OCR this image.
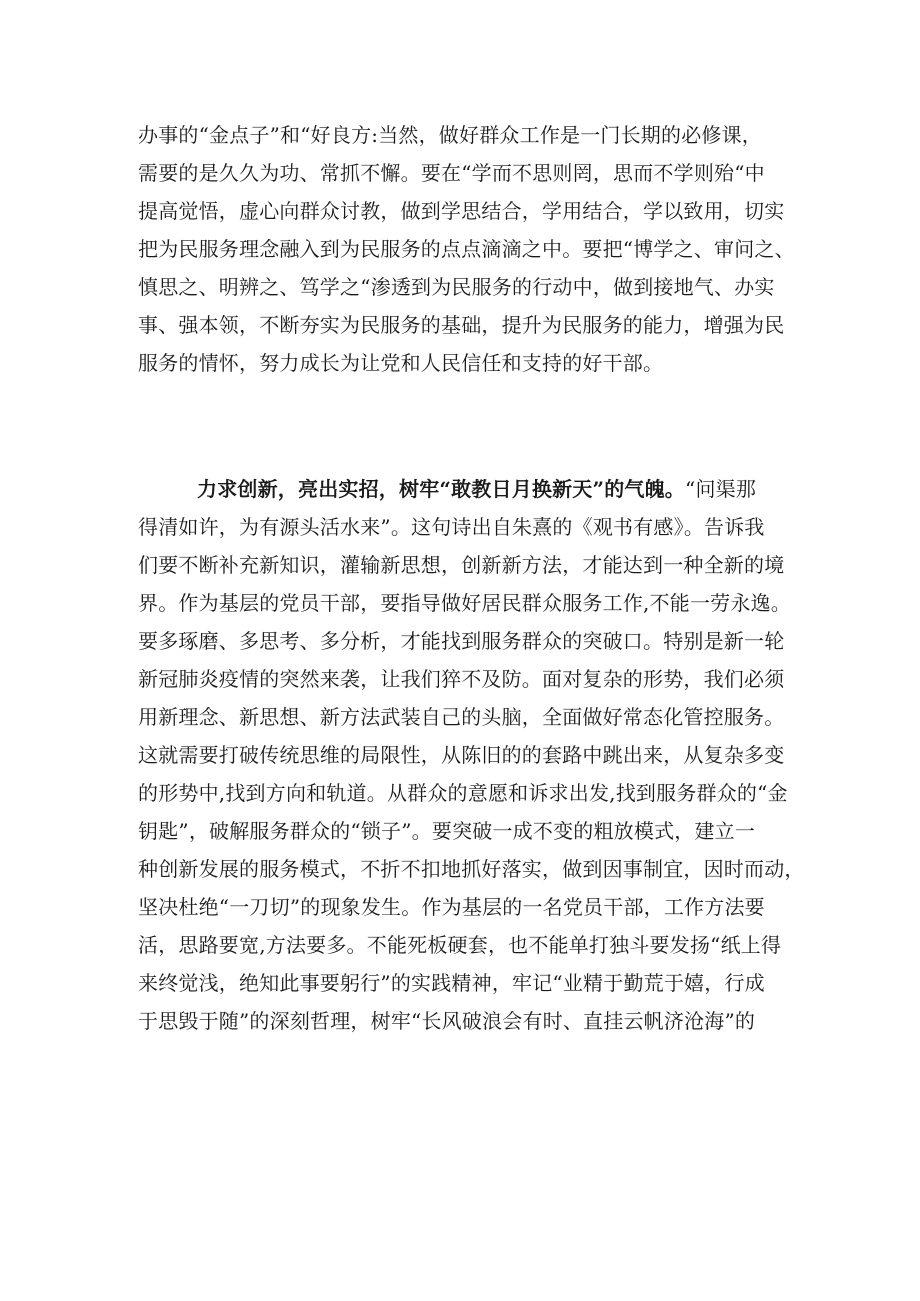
办事的“金点子”和“好良方:当然，做好群众工作是一门长期的必修课，
需要的是久久为功、常抓不懈。要在“学而不思则罔，思而不学则殆“中
提高觉悟，虚心向群众讨教，做到学思结合，学用结合，学以致用，切实
把为民服务理念融入到为民服务的点点滴滴之中。要把“博学之、审问之、
慎思之、明辨之、笃学之“渗透到为民服务的行动中，做到接地气、办实
事、强本领，不断夯实为民服务的基础，提升为民服务的能力，增强为民
服务的情怀，努力成长为让党和人民信任和支持的好干部。
力求创新，亮出实招，树牢“敢教日月换新天”的气魄。“问渠那
得清如许，为有源头活水来”。这句诗出自朱熹的《观书有感》。告诉我
们要不断补充新知识，灌输新思想，创新新方法，才能达到一种全新的境
界。作为基层的党员干部，要指导做好居民群众服务工作,不能一劳永逸。
要多琢磨、多思考、多分析，才能找到服务群众的突破口。特别是新一轮
新冠肺炎疫情的突然来袭，让我们猝不及防。面对复杂的形势，我们必须
用新理念、新思想、新方法武装自己的头脑，全面做好常态化管控服务。
这就需要打破传统思维的局限性，从陈旧的的套路中跳出来，从复杂多变
的形势中,找到方向和轨道。从群众的意愿和诉求出发,找到服务群众的“金
钥匙”，破解服务群众的“锁子”。要突破一成不变的粗放模式，建立一
种创新发展的服务模式，不折不扣地抓好落实，做到因事制宜，因时而动，
坚决杜绝“一刀切”的现象发生。作为基层的一名党员干部，工作方法要
活，思路要宽,方法要多。不能死板硬套，也不能单打独斗要发扬“纸上得
来终觉浅，绝知此事要躬行”的实践精神，牢记“业精于勤荒于嬉，行成
于思毁于随”的深刻哲理，树牢“长风破浪会有时、直挂云帆济沧海”的
